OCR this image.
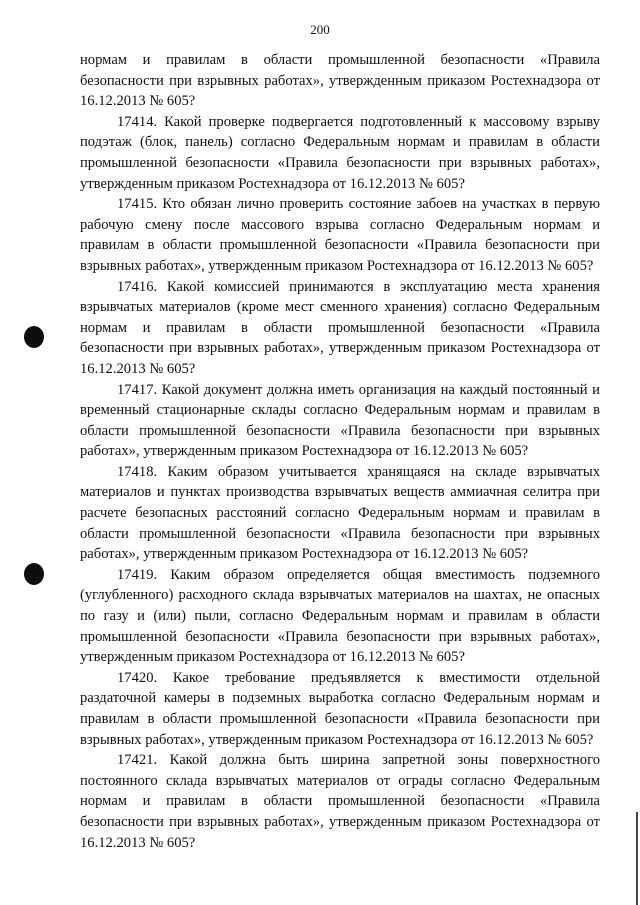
200

нормам и правилам в области промышленной безопасности «Правила безопасности при взрывных работах», утвержденным приказом Ростехнадзора от 16.12.2013 № 605?

17414. Какой проверке подвергается подготовленный к массовому взрыву подэтаж (блок, панель) согласно Федеральным нормам и правилам в области промышленной безопасности «Правила безопасности при взрывных работах», утвержденным приказом Ростехнадзора от 16.12.2013 № 605?

17415. Кто обязан лично проверить состояние забоев на участках в первую рабочую смену после массового взрыва согласно Федеральным нормам и правилам в области промышленной безопасности «Правила безопасности при взрывных работах», утвержденным приказом Ростехнадзора от 16.12.2013 № 605?

17416. Какой комиссией принимаются в эксплуатацию места хранения взрывчатых материалов (кроме мест сменного хранения) согласно Федеральным нормам и правилам в области промышленной безопасности «Правила безопасности при взрывных работах», утвержденным приказом Ростехнадзора от 16.12.2013 № 605?

17417. Какой документ должна иметь организация на каждый постоянный и временный стационарные склады согласно Федеральным нормам и правилам в области промышленной безопасности «Правила безопасности при взрывных работах», утвержденным приказом Ростехнадзора от 16.12.2013 № 605?

17418. Каким образом учитывается хранящаяся на складе взрывчатых материалов и пунктах производства взрывчатых веществ аммиачная селитра при расчете безопасных расстояний согласно Федеральным нормам и правилам в области промышленной безопасности «Правила безопасности при взрывных работах», утвержденным приказом Ростехнадзора от 16.12.2013 № 605?

17419. Каким образом определяется общая вместимость подземного (углубленного) расходного склада взрывчатых материалов на шахтах, не опасных по газу и (или) пыли, согласно Федеральным нормам и правилам в области промышленной безопасности «Правила безопасности при взрывных работах», утвержденным приказом Ростехнадзора от 16.12.2013 № 605?

17420. Какое требование предъявляется к вместимости отдельной раздаточной камеры в подземных выработка согласно Федеральным нормам и правилам в области промышленной безопасности «Правила безопасности при взрывных работах», утвержденным приказом Ростехнадзора от 16.12.2013 № 605?

17421. Какой должна быть ширина запретной зоны поверхностного постоянного склада взрывчатых материалов от ограды согласно Федеральным нормам и правилам в области промышленной безопасности «Правила безопасности при взрывных работах», утвержденным приказом Ростехнадзора от 16.12.2013 № 605?
